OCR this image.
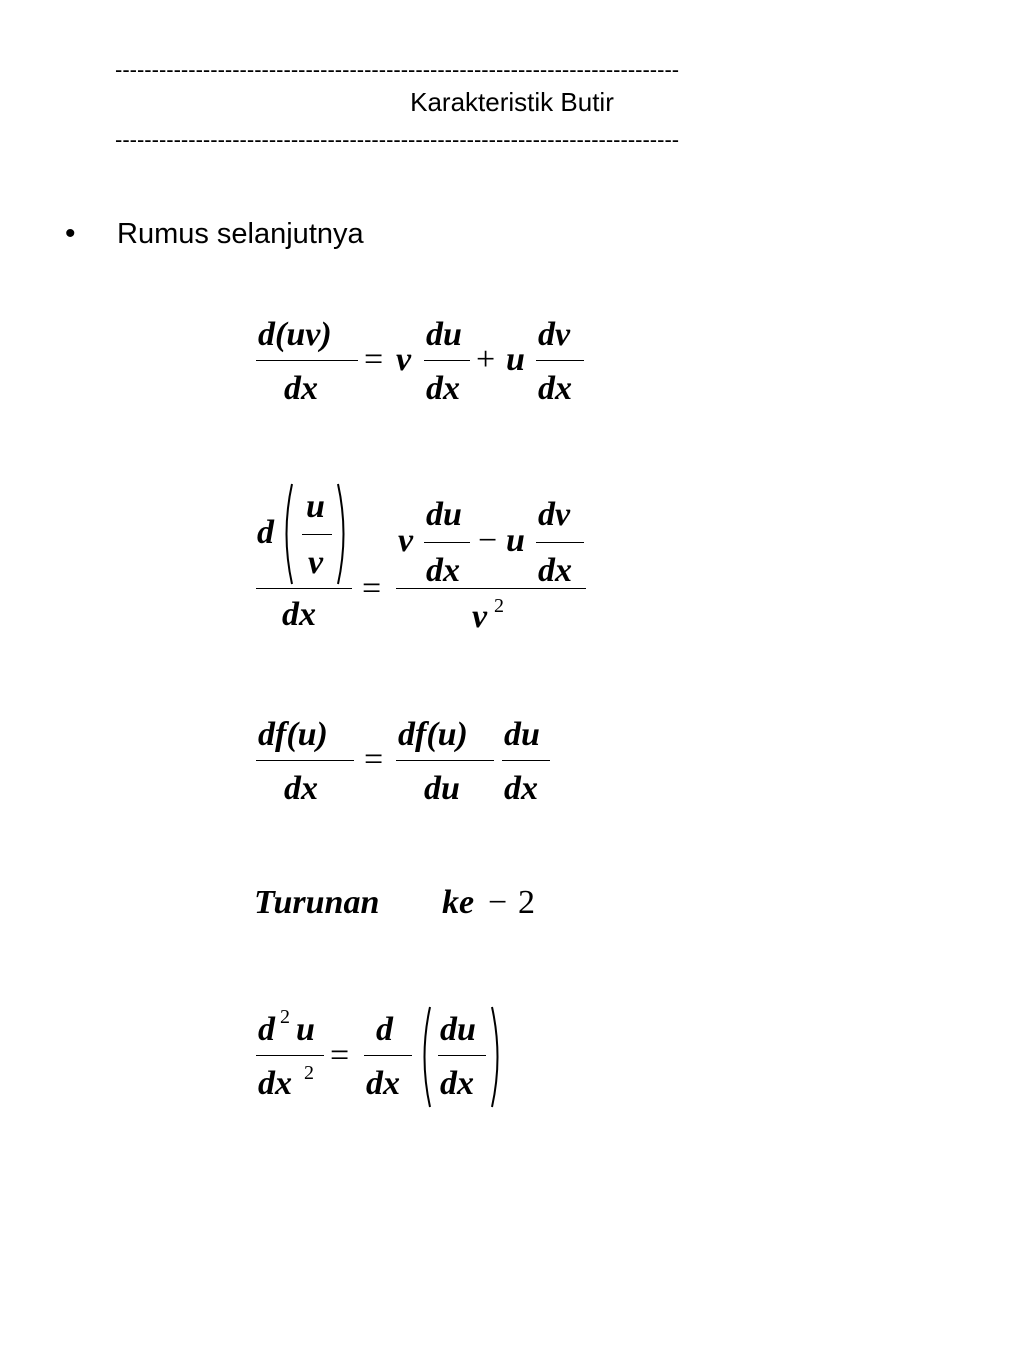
-----------------------------------------------------------------------------
Karakteristik Butir
-----------------------------------------------------------------------------
• Rumus selanjutnya
d(uv)
dx
= v
du
dx
+ u
dv
dx
d
u
v
dx
=
v
du
dx
− u
dv
dx
v 2
df(u)
dx
=
df(u)
du
du
dx
Turunan ke − 2
d 2 u
dx 2 =
d
dx
du
dx
